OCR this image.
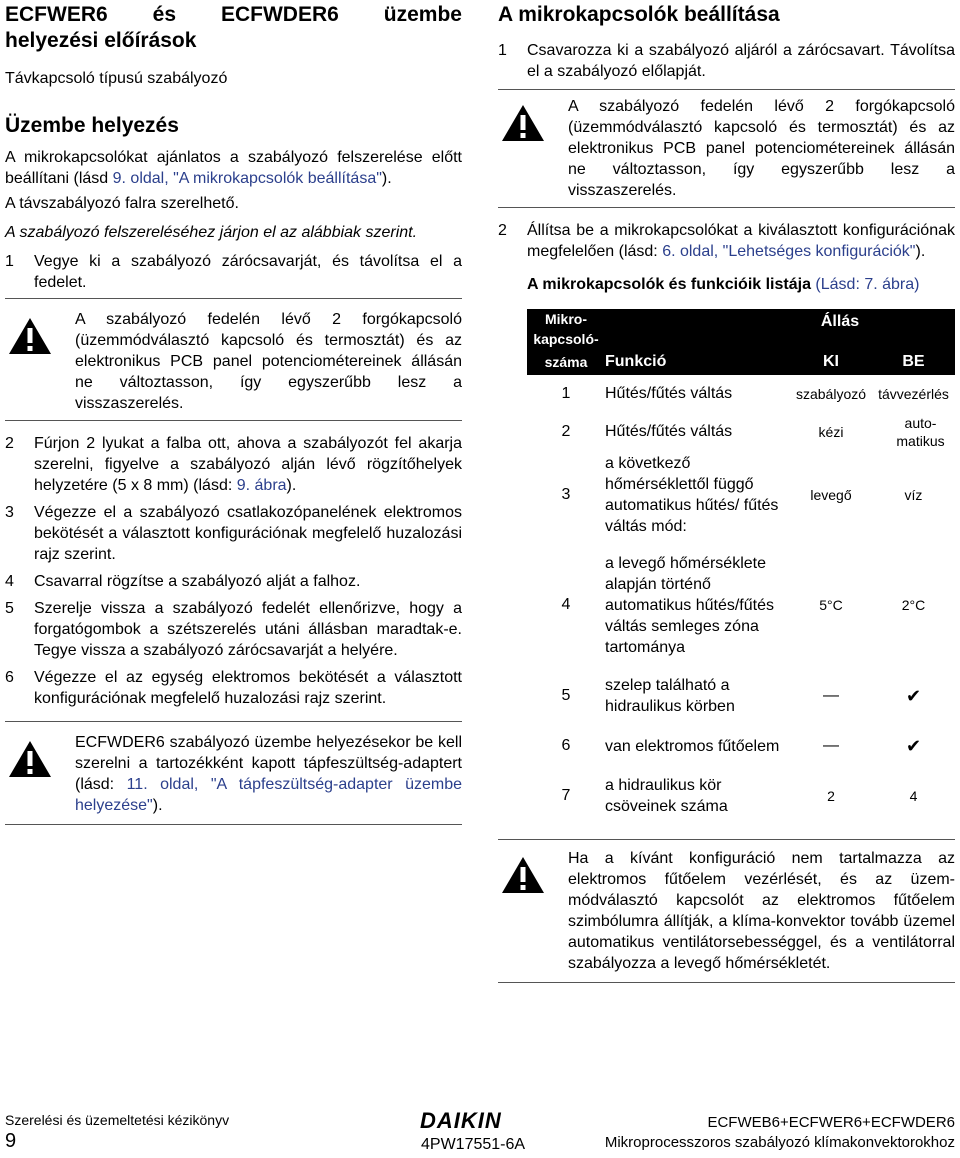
ECFWER6 és ECFWDER6 üzembe
helyezési előírások
Távkapcsoló típusú szabályozó
Üzembe helyezés

A mikrokapcsolókat ajánlatos a szabályozó felszerelése előtt beállítani (lásd 9. oldal, "A mikrokapcsolók beállítása").

A távszabályozó falra szerelhető.

A szabályozó felszereléséhez járjon el az alábbiak szerint.

1	Vegye ki a szabályozó zárócsavarját, és távolítsa el a fedelet.
A szabályozó fedelén lévő 2 forgókapcsoló (üzemmódválasztó kapcsoló és termosztát) és az elektronikus PCB panel potenciométereinek állásán ne változtasson, így egyszerűbb lesz a visszaszerelés.
2	Fúrjon 2 lyukat a falba ott, ahova a szabályozót fel akarja szerelni, figyelve a szabályozó alján lévő rögzítőhelyek helyzetére (5 x 8 mm) (lásd: 9. ábra).
3	Végezze el a szabályozó csatlakozópanelének elektromos bekötését a választott konfigurációnak megfelelő huzalozási rajz szerint.
4	Csavarral rögzítse a szabályozó alját a falhoz.
5	Szerelje vissza a szabályozó fedelét ellenőrizve, hogy a forgatógombok a szétszerelés utáni állásban maradtak-e. Tegye vissza a szabályozó zárócsavarját a helyére.
6	Végezze el az egység elektromos bekötését a választott konfigurációnak megfelelő huzalozási rajz szerint.
ECFWDER6 szabályozó üzembe helyezésekor be kell szerelni a tartozékként kapott tápfeszültség-adaptert (lásd: 11. oldal, "A tápfeszültség-adapter üzembe helyezése").
A mikrokapcsolók beállítása
1	Csavarozza ki a szabályozó aljáról a zárócsavart. Távolítsa el a szabályozó előlapját.
A szabályozó fedelén lévő 2 forgókapcsoló (üzemmódválasztó kapcsoló és termosztát) és az elektronikus PCB panel potenciométereinek állásán ne változtasson, így egyszerűbb lesz a visszaszerelés.
2	Állítsa be a mikrokapcsolókat a kiválasztott konfigurációnak megfelelően (lásd: 6. oldal, "Lehetséges konfigurációk").
A mikrokapcsolók és funkcióik listája (Lásd: 7. ábra)
Mikro-
kapcsoló-	Állás		
száma	Funkció	KI	BE
1	Hűtés/fűtés váltás	szabályozó	távvezérlés
2	Hűtés/fűtés váltás	kézi	auto-matikus
3	a következő hőmérséklettől függő automatikus hűtés/ fűtés váltás mód:	levegő	víz
4	a levegő hőmérséklete alapján történő automatikus hűtés/fűtés váltás semleges zóna tartománya	5°C	2°C
5	szelep található a hidraulikus körben	—	✔
6	van elektromos fűtőelem	—	✔
7	a hidraulikus kör csöveinek száma	2	4
Ha a kívánt konfiguráció nem tartalmazza az elektromos fűtőelem vezérlését, és az üzem-módválasztó kapcsolót az elektromos fűtőelem szimbólumra állítják, a klíma-konvektor tovább üzemel automatikus ventilátorsebességgel, és a ventilátorral szabályozza a levegő hőmérsékletét.
Szerelési és üzemeltetési kézikönyv
9
DAIKIN
4PW17551-6A
ECFWEB6+ECFWER6+ECFWDER6
Mikroprocesszoros szabályozó klímakonvektorokhoz
